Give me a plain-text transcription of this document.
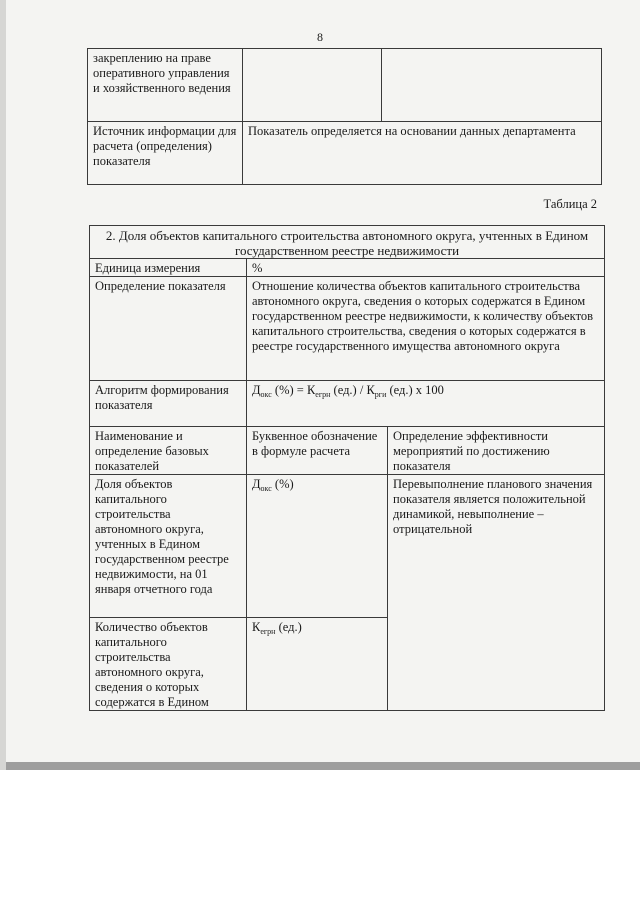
8
закреплению на праве оперативного управления и хозяйственного ведения		
Источник информации для расчета (определения) показателя	Показатель определяется на основании данных департамента	
Таблица 2
2. Доля объектов капитального строительства автономного округа, учтенных в Едином государственном реестре недвижимости		
Единица измерения	%	
Определение показателя	Отношение количества объектов капитального строительства автономного округа, сведения о которых содержатся в Едином государственном реестре недвижимости, к количеству объектов капитального строительства, сведения о которых содержатся в реестре государственного имущества автономного округа	
Алгоритм формирования показателя	$Д_{окс}$ (%) = $К_{егрн}$ $(ед.) / К_{рги}$ (ед.) х 100	
Наименование и определение базовых показателей	Буквенное обозначение в формуле расчета	Определение эффективности мероприятий по достижению показателя
Доля объектов капитального строительства автономного округа, учтенных в Едином государственном реестре недвижимости, на 01 января отчетного года	$Д_{окс}$ (%)	Перевыполнение планового значения показателя является положительной динамикой, невыполнение – отрицательной
Количество объектов капитального строительства автономного округа, сведения о которых содержатся в Едином	$К_{егрн}$ (ед.)	
